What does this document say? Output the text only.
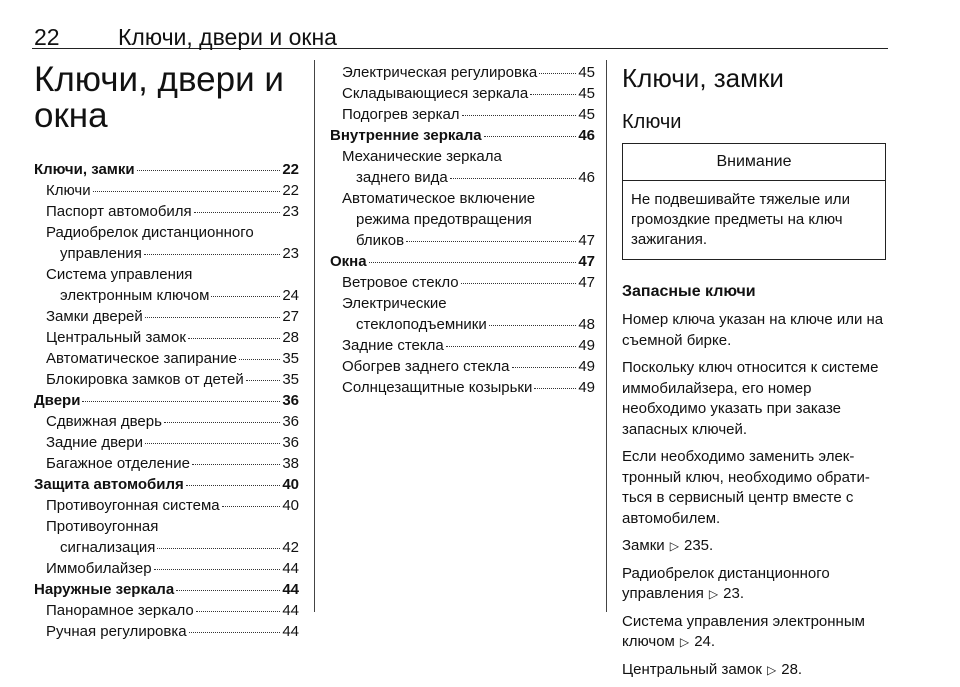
22	Ключи, двери и окна
Ключи, двери и окна
Ключи, замки	22
Ключи	22
Паспорт автомобиля	23
Радиобрелок дистанционного
управления	23
Система управления
электронным ключом	24
Замки дверей	27
Центральный замок	28
Автоматическое запирание	35
Блокировка замков от детей	35
Двери	36
Сдвижная дверь	36
Задние двери	36
Багажное отделение	38
Защита автомобиля	40
Противоугонная система	40
Противоугонная
сигнализация	42
Иммобилайзер	44
Наружные зеркала	44
Панорамное зеркало	44
Ручная регулировка	44
Электрическая регулировка	45
Складывающиеся зеркала	45
Подогрев зеркал	45
Внутренние зеркала	46
Механические зеркала
заднего вида	46
Автоматическое включение
режима предотвращения
бликов	47
Окна	47
Ветровое стекло	47
Электрические
стеклоподъемники	48
Задние стекла	49
Обогрев заднего стекла	49
Солнцезащитные козырьки	49
Ключи, замки
Ключи
Внимание
Не подвешивайте тяжелые или громоздкие предметы на ключ зажигания.
Запасные ключи

Номер ключа указан на ключе или на съемной бирке.

Поскольку ключ относится к системе иммобилайзера, его номер необходимо указать при заказе запасных ключей.

Если необходимо заменить электронный ключ, необходимо обратиться в сервисный центр вместе с автомобилем.

Замки ▷ 235.

Радиобрелок дистанционного управления ▷ 23.

Система управления электронным ключом ▷ 24.

Центральный замок ▷ 28.
